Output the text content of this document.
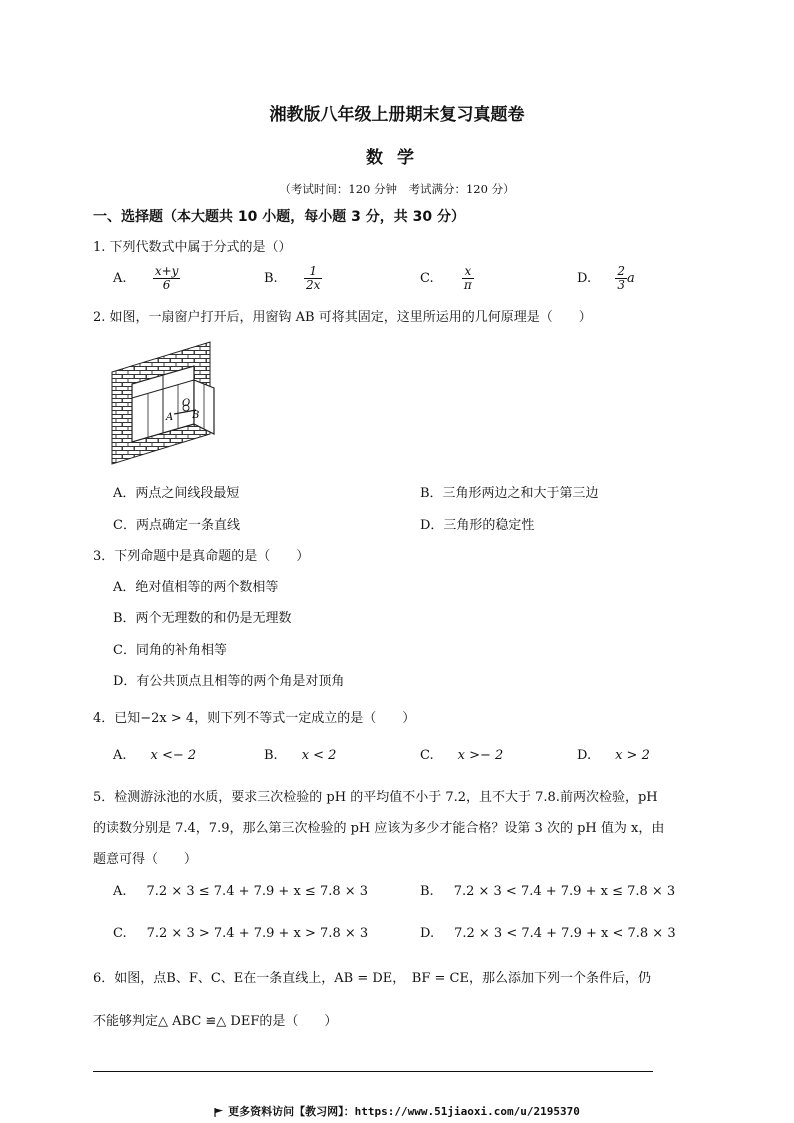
湘教版八年级上册期末复习真题卷
数学
（考试时间：120 分钟　考试满分：120 分）
一、选择题（本大题共 10 小题，每小题 3 分，共 30 分）
1. 下列代数式中属于分式的是（）
A. $\frac{x+y}{6}$	B. $\frac{1}{2x}$	C. $\frac{x}{\pi}$	D. $\frac{2}{3}$ a
2. 如图，一扇窗户打开后，用窗钩 AB 可将其固定，这里所运用的几何原理是（　　）
A
O
B
A．两点之间线段最短	B．三角形两边之和大于第三边
C．两点确定一条直线	D．三角形的稳定性
3．下列命题中是真命题的是（　　）
A．绝对值相等的两个数相等
B．两个无理数的和仍是无理数
C．同角的补角相等
D．有公共顶点且相等的两个角是对顶角
4．已知−2x > 4，则下列不等式一定成立的是（　　）
A. x <− 2	B. x < 2	C. x >− 2	D. x > 2
5．检测游泳池的水质，要求三次检验的 pH 的平均值不小于 7.2，且不大于 7.8.前两次检验，pH
的读数分别是 7.4，7.9，那么第三次检验的 pH 应该为多少才能合格？设第 3 次的 pH 值为 x，由
题意可得（　　）
A. 7.2 × 3 ≤ 7.4 + 7.9 + x ≤ 7.8 × 3	B. 7.2 × 3 < 7.4 + 7.9 + x ≤ 7.8 × 3
C. 7.2 × 3 > 7.4 + 7.9 + x > 7.8 × 3	D. 7.2 × 3 < 7.4 + 7.9 + x < 7.8 × 3
6．如图，点B、F、C、E在一条直线上，AB = DE，　BF = CE，那么添加下列一个条件后，仍
不能够判定△ ABC ≌△ DEF的是（　　）
更多资料访问【教习网】：https://www.51jiaoxi.com/u/2195370
